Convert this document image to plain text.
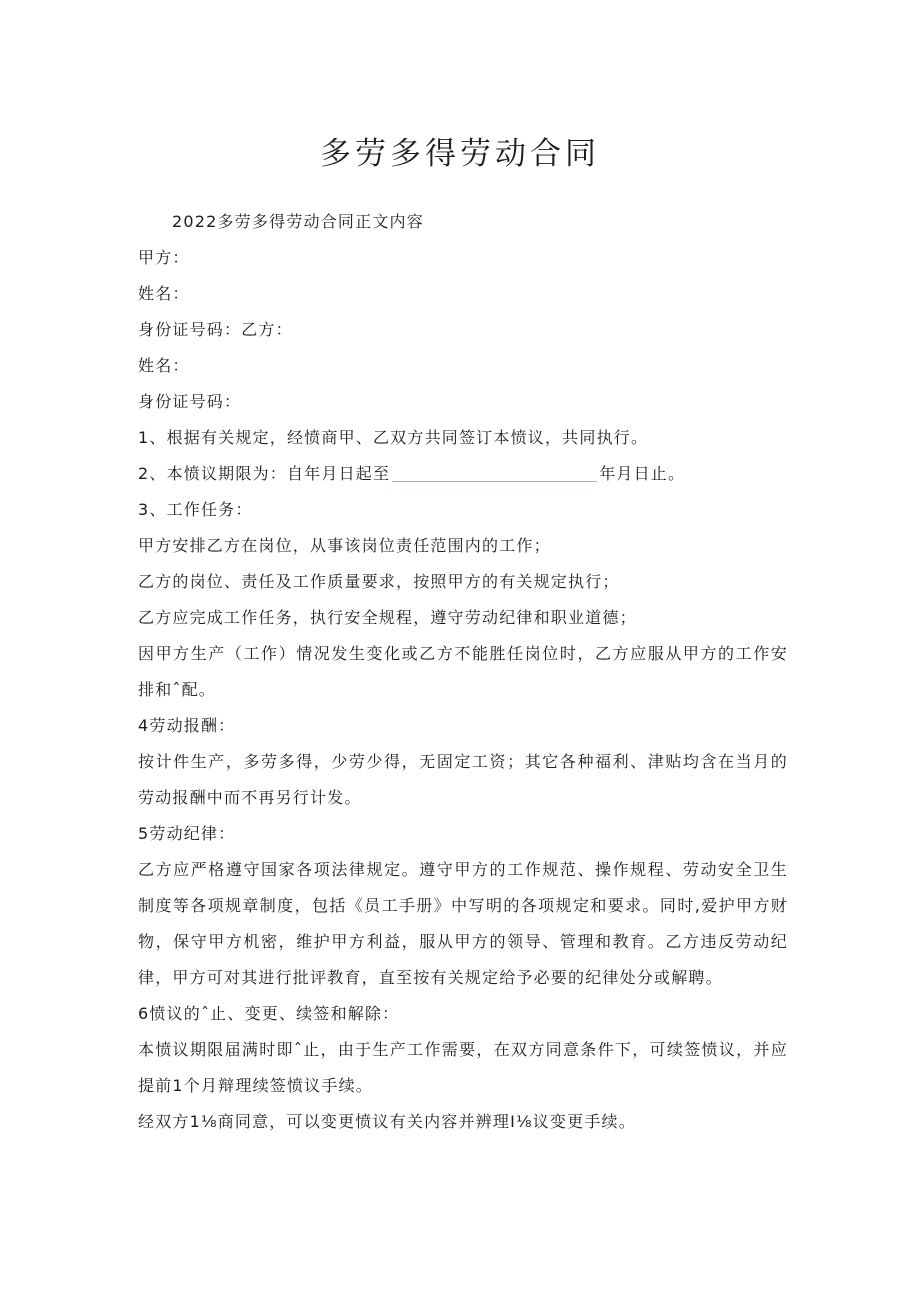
多劳多得劳动合同
2022多劳多得劳动合同正文内容
甲方：
姓名：
身份证号码：乙方：
姓名：
身份证号码：
1、根据有关规定，经愤商甲、乙双方共同签订本愤议，共同执行。
2、本愤议期限为：自年月日起至	年月日止。
3、工作任务：
甲方安排乙方在岗位，从事该岗位责任范围内的工作；
乙方的岗位、责任及工作质量要求，按照甲方的有关规定执行；
乙方应完成工作任务，执行安全规程，遵守劳动纪律和职业道德；
因甲方生产（工作）情况发生变化或乙方不能胜任岗位时，乙方应服从甲方的工作安排和ˆ配。
4劳动报酬：
按计件生产，多劳多得，少劳少得，无固定工资；其它各种福利、津贴均含在当月的劳动报酬中而不再另行计发。
5劳动纪律：
乙方应严格遵守国家各项法律规定。遵守甲方的工作规范、操作规程、劳动安全卫生制度等各项规章制度，包括《员工手册》中写明的各项规定和要求。同时,爱护甲方财物，保守甲方机密，维护甲方利益，服从甲方的领导、管理和教育。乙方违反劳动纪律，甲方可对其进行批评教育，直至按有关规定给予必要的纪律处分或解聘。
6愤议的ˆ止、变更、续签和解除：
本愤议期限届满时即ˆ止，由于生产工作需要，在双方同意条件下，可续签愤议，并应提前1个月辩理续签愤议手续。
经双方1⅛商同意，可以变更愤议有关内容并辨理I⅛议变更手续。
